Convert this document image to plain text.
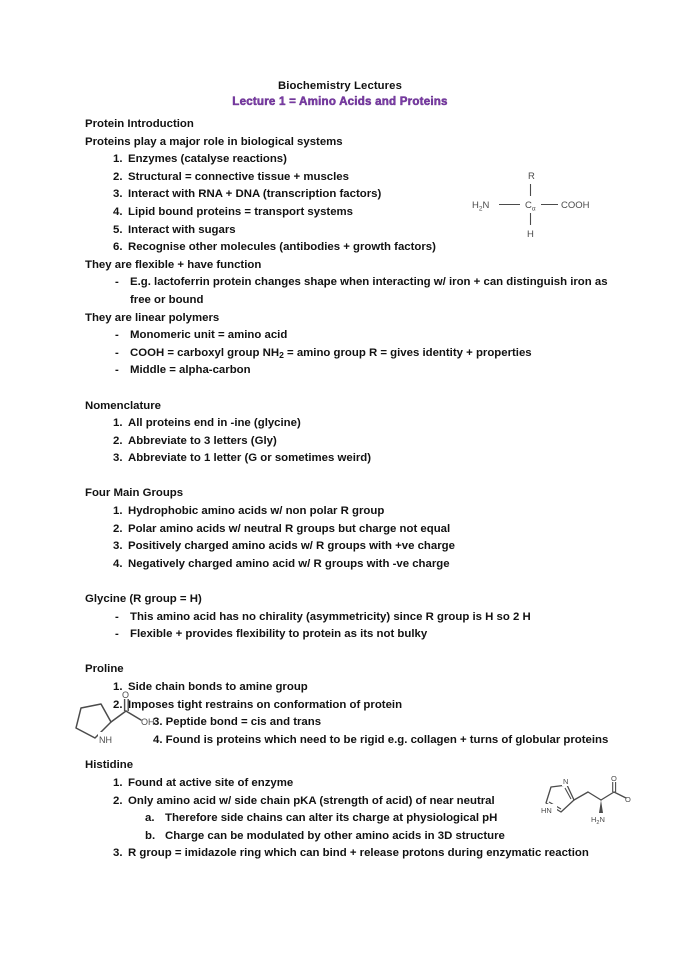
Biochemistry Lectures
Lecture 1 = Amino Acids and Proteins

Protein Introduction

Proteins play a major role in biological systems

1. Enzymes (catalyse reactions)
2. Structural = connective tissue + muscles
3. Interact with RNA + DNA (transcription factors)
4. Lipid bound proteins = transport systems
5. Interact with sugars
6. Recognise other molecules (antibodies + growth factors)

They are flexible + have function

- E.g. lactoferrin protein changes shape when interacting w/ iron + can distinguish iron as free or bound

They are linear polymers

- Monomeric unit = amino acid
- COOH = carboxyl group $NH_2 = amino$ group R = gives identity + properties
- Middle = alpha-carbon

Nomenclature

1. All proteins end in -ine (glycine)
2. Abbreviate to 3 letters (Gly)
3. Abbreviate to 1 letter (G or sometimes weird)

Four Main Groups

1. Hydrophobic amino acids w/ non polar R group
2. Polar amino acids w/ neutral R groups but charge not equal
3. Positively charged amino acids w/ R groups with +ve charge
4. Negatively charged amino acid w/ R groups with -ve charge

Glycine (R group = H)

- This amino acid has no chirality (asymmetricity) since R group is H so 2 H
- Flexible + provides flexibility to protein as its not bulky

Proline

1. Side chain bonds to amine group
2. Imposes tight restrains on conformation of protein

3. Peptide bond = cis and trans

4. Found is proteins which need to be rigid e.g. collagen + turns of globular proteins

Histidine

1. Found at active site of enzyme
2. Only amino acid w/ side chain pKA (strength of acid) of near neutral
a. Therefore side chains can alter its charge at physiological pH
b. Charge can be modulated by other amino acids in 3D structure
3. R group = imidazole ring which can bind + release protons during enzymatic reaction
R
$H_2N$	$C_\alpha$	COOH
H
NH
O
OH
N
HN
$H_2N$
O
O
